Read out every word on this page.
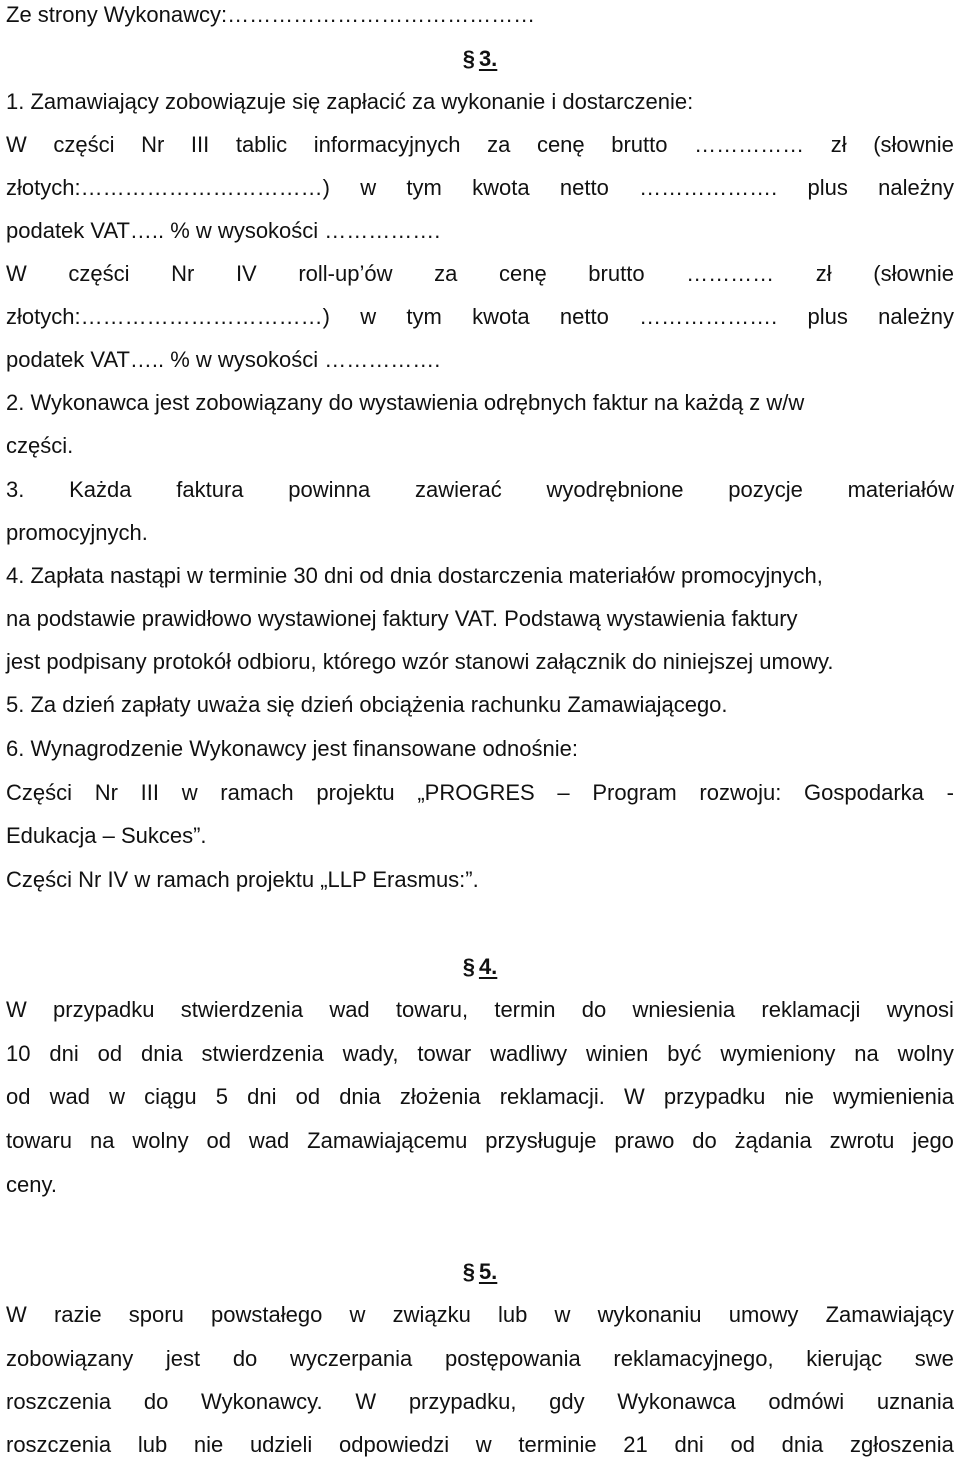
Ze strony Wykonawcy:……………………………………
§ 3.
1. Zamawiający zobowiązuje się zapłacić za wykonanie i dostarczenie:
W części Nr III tablic informacyjnych za cenę brutto …………… zł (słownie
złotych:……………………………) w tym kwota netto ………………. plus należny
podatek VAT….. % w wysokości …………….
W części Nr IV roll-up’ów za cenę brutto ………… zł (słownie
złotych:……………………………) w tym kwota netto ………………. plus należny
podatek VAT….. % w wysokości …………….
2. Wykonawca jest zobowiązany do wystawienia odrębnych faktur na każdą z w/w
części.
3. Każda faktura powinna zawierać wyodrębnione pozycje materiałów
promocyjnych.
4. Zapłata nastąpi w terminie 30 dni od dnia dostarczenia materiałów promocyjnych,
na podstawie prawidłowo wystawionej faktury VAT. Podstawą wystawienia faktury
jest podpisany protokół odbioru, którego wzór stanowi załącznik do niniejszej umowy.
5. Za dzień zapłaty uważa się dzień obciążenia rachunku Zamawiającego.
6. Wynagrodzenie Wykonawcy jest finansowane odnośnie:
Części Nr III w ramach projektu „PROGRES – Program rozwoju: Gospodarka -
Edukacja – Sukces”.
Części Nr IV w ramach projektu „LLP Erasmus:”.
§ 4.
W przypadku stwierdzenia wad towaru, termin do wniesienia reklamacji wynosi
10 dni od dnia stwierdzenia wady, towar wadliwy winien być wymieniony na wolny
od wad w ciągu 5 dni od dnia złożenia reklamacji. W przypadku nie wymienienia
towaru na wolny od wad Zamawiającemu przysługuje prawo do żądania zwrotu jego
ceny.
§ 5.
W razie sporu powstałego w związku lub w wykonaniu umowy Zamawiający
zobowiązany jest do wyczerpania postępowania reklamacyjnego, kierując swe
roszczenia do Wykonawcy. W przypadku, gdy Wykonawca odmówi uznania
roszczenia lub nie udzieli odpowiedzi w terminie 21 dni od dnia zgłoszenia
